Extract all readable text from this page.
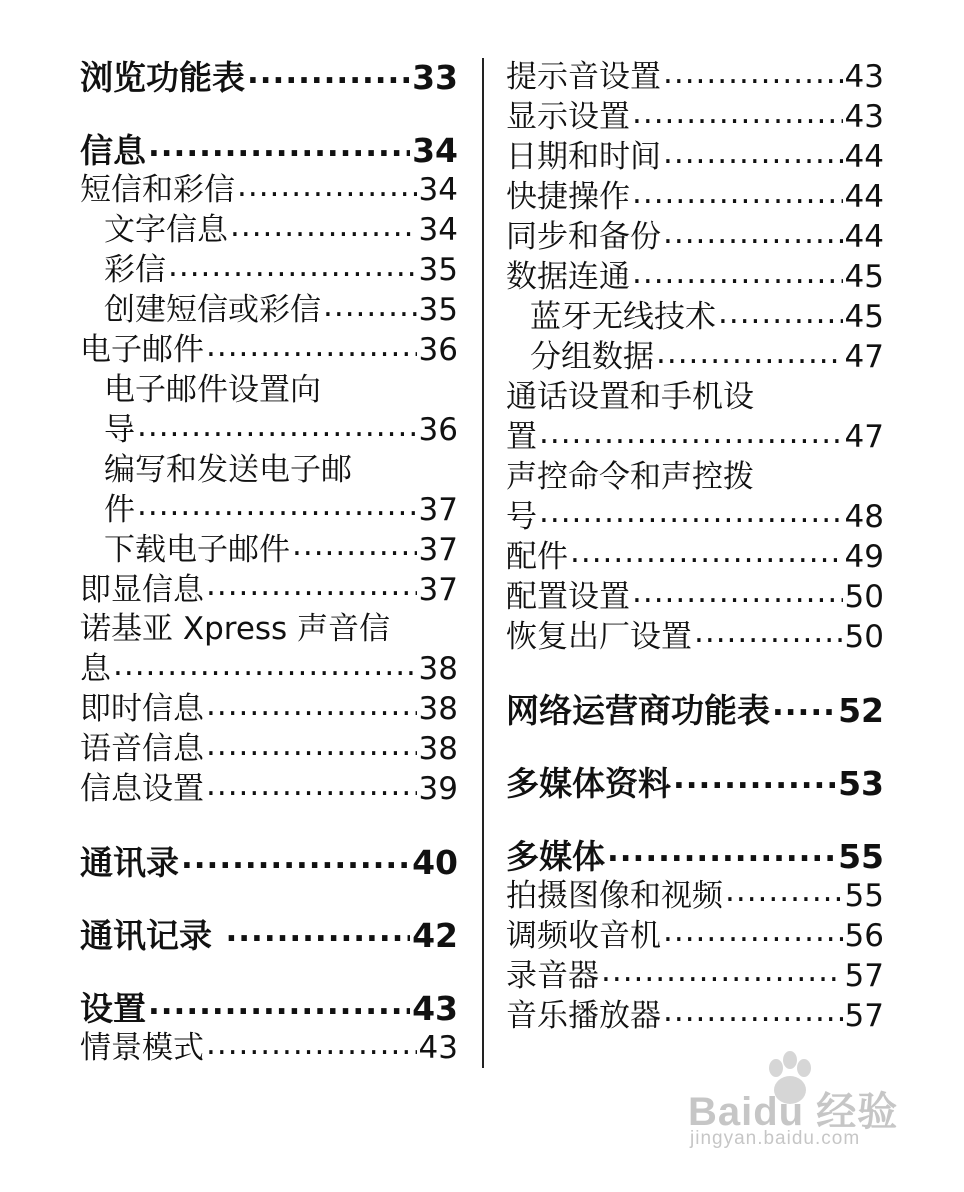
浏览功能表 .....	33
信息 .....	34
短信和彩信 .....	34
文字信息 .....	34
彩信 .....	35
创建短信或彩信 .....	35
电子邮件 .....	36
电子邮件设置向
导 .....	36
编写和发送电子邮
件 .....	37
下载电子邮件 .....	37
即显信息 .....	37
诺基亚 Xpress 声音信
息 .....	38
即时信息 .....	38
语音信息 .....	38
信息设置 .....	39
通讯录 .....	40
通讯记录 .....	42
设置 .....	43
情景模式 .....	43
提示音设置 .....	43
显示设置 .....	43
日期和时间 .....	44
快捷操作 .....	44
同步和备份 .....	44
数据连通 .....	45
蓝牙无线技术 .....	45
分组数据 .....	47
通话设置和手机设
置 .....	47
声控命令和声控拨
号 .....	48
配件 .....	49
配置设置 .....	50
恢复出厂设置 .....	50
网络运营商功能表 ..... 52
多媒体资料 .....	53
多媒体 .....	55
拍摄图像和视频 .....	55
调频收音机 .....	56
录音器 .....	57
音乐播放器 .....	57
Baidu 经验
jingyan.baidu.com
